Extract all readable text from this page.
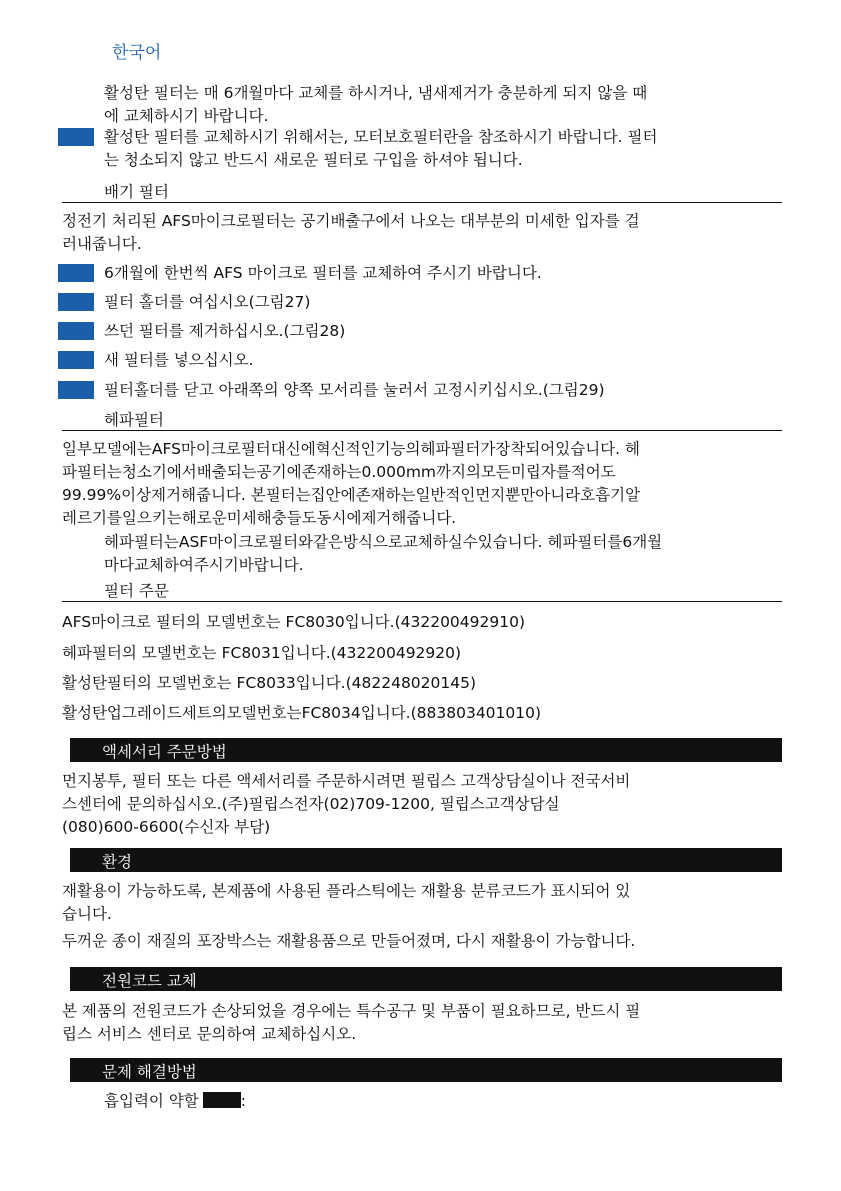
한국어
활성탄 필터는 매 6개월마다 교체를 하시거나, 냄새제거가 충분하게 되지 않을 때
에 교체하시기 바랍니다.
활성탄 필터를 교체하시기 위해서는, 모터보호필터란을 참조하시기 바랍니다. 필터
는 청소되지 않고 반드시 새로운 필터로 구입을 하셔야 됩니다.
배기 필터
정전기 처리된 AFS마이크로필터는 공기배출구에서 나오는 대부분의 미세한 입자를 걸
러내줍니다.
6개월에 한번씩 AFS 마이크로 필터를 교체하여 주시기 바랍니다.
필터 홀더를 여십시오(그림27)
쓰던 필터를 제거하십시오.(그림28)
새 필터를 넣으십시오.
필터홀더를 닫고 아래쪽의 양쪽 모서리를 눌러서 고정시키십시오.(그림29)
헤파필터
일부모델에는AFS마이크로필터대신에혁신적인기능의헤파필터가장착되어있습니다. 헤
파필터는청소기에서배출되는공기에존재하는0.000mm까지의모든미립자를적어도
99.99%이상제거해줍니다. 본필터는집안에존재하는일반적인먼지뿐만아니라호흡기알
레르기를일으키는해로운미세해충들도동시에제거해줍니다.
헤파필터는ASF마이크로필터와같은방식으로교체하실수있습니다. 헤파필터를6개월
마다교체하여주시기바랍니다.
필터 주문
AFS마이크로 필터의 모델번호는 FC8030입니다.(432200492910)
헤파필터의 모델번호는 FC8031입니다.(432200492920)
활성탄필터의 모델번호는 FC8033입니다.(482248020145)
활성탄업그레이드세트의모델번호는FC8034입니다.(883803401010)
액세서리 주문방법
먼지봉투, 필터 또는 다른 액세서리를 주문하시려면 필립스 고객상담실이나 전국서비
스센터에 문의하십시오.(주)필립스전자(02)709-1200, 필립스고객상담실
(080)600-6600(수신자 부담)
환경
재활용이 가능하도록, 본제품에 사용된 플라스틱에는 재활용 분류코드가 표시되어 있
습니다.
두꺼운 종이 재질의 포장박스는 재활용품으로 만들어졌며, 다시 재활용이 가능합니다.
전원코드 교체
본 제품의 전원코드가 손상되었을 경우에는 특수공구 및 부품이 필요하므로, 반드시 필
립스 서비스 센터로 문의하여 교체하십시오.
문제 해결방법
흡입력이 약할	:
